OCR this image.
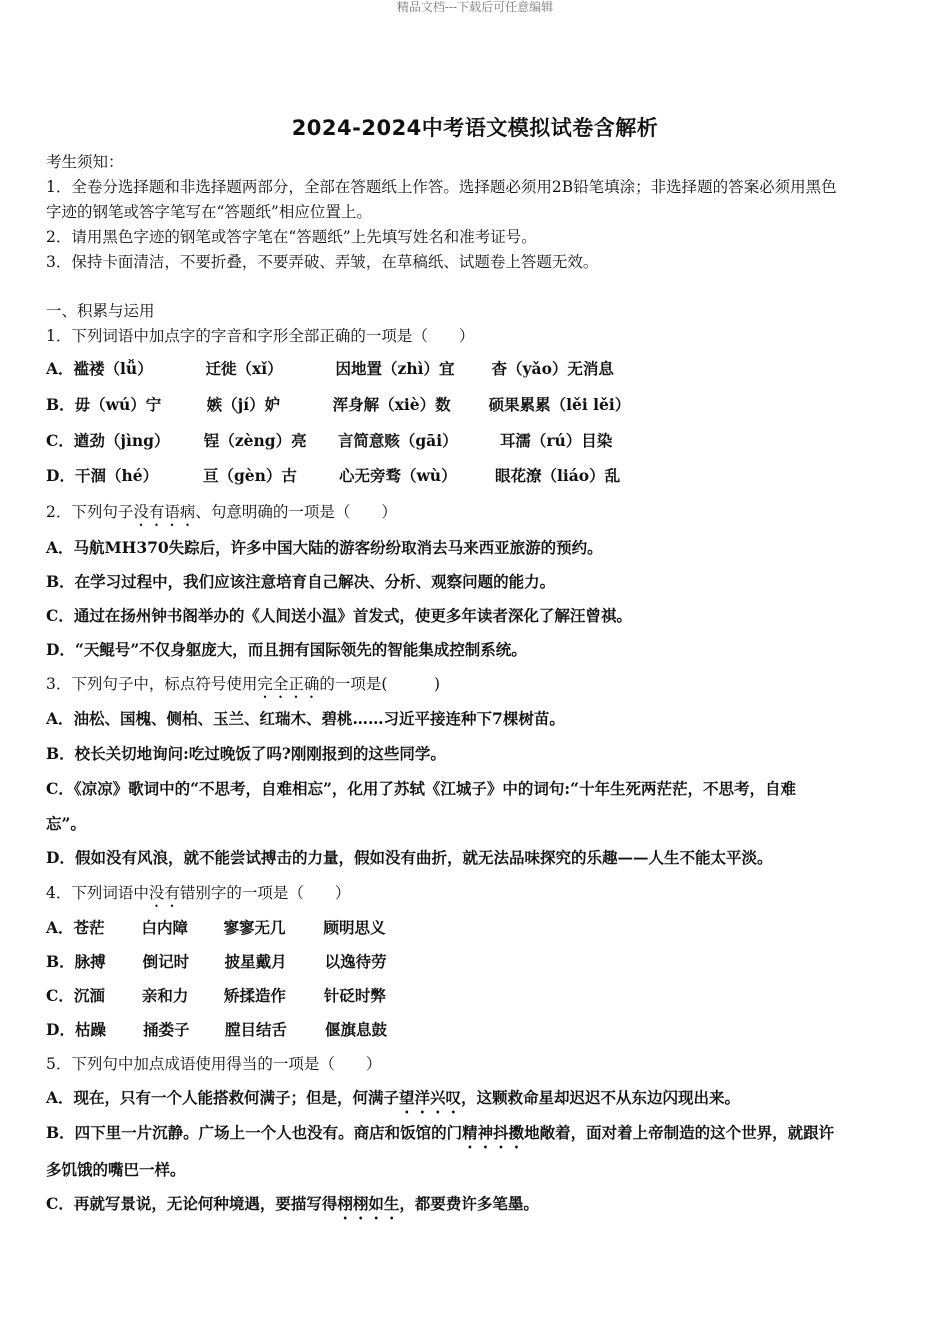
精品文档---下载后可任意编辑
2024-2024中考语文模拟试卷含解析
考生须知：
1．全卷分选择题和非选择题两部分，全部在答题纸上作答。选择题必须用2B铅笔填涂；非选择题的答案必须用黑色
字迹的钢笔或答字笔写在“答题纸”相应位置上。
2．请用黑色字迹的钢笔或答字笔在“答题纸”上先填写姓名和准考证号。
3．保持卡面清洁，不要折叠，不要弄破、弄皱，在草稿纸、试题卷上答题无效。
一、积累与运用
1．下列词语中加点字的字音和字形全部正确的一项是（　　）
A．褴褛（lǚ）	迁徙（xǐ）	因地置（zhì）宜 杳（yǎo）无消息
B．毋（wú）宁	嫉（jí）妒	浑身解（xiè）数 硕果累累（lěi lěi）
C．遒劲（jìng） 锃（zèng）亮 言简意赅（gāi）	耳濡（rú）目染
D．干涸（hé）	亘（gèn）古	心无旁骛（wù） 眼花潦（liáo）乱
2．下列句子没有语病、句意明确的一项是（　　）
A．马航MH370失踪后，许多中国大陆的游客纷纷取消去马来西亚旅游的预约。
B．在学习过程中，我们应该注意培育自己解决、分析、观察问题的能力。
C．通过在扬州钟书阁举办的《人间送小温》首发式，使更多年读者深化了解汪曾祺。
D．“天鲲号”不仅身躯庞大，而且拥有国际领先的智能集成控制系统。
3．下列句子中，标点符号使用完全正确的一项是(　　　)
A．油松、国槐、侧柏、玉兰、红瑞木、碧桃……习近平接连种下7棵树苗。
B．校长关切地询问:吃过晚饭了吗?刚刚报到的这些同学。
C．《凉凉》歌词中的“不思考，自难相忘”，化用了苏轼《江城子》中的词句:“十年生死两茫茫，不思考，自难
忘”。
D．假如没有风浪，就不能尝试搏击的力量，假如没有曲折，就无法品味探究的乐趣——人生不能太平淡。
4．下列词语中没有错别字的一项是（　　）
A．苍茫 白内障 寥寥无几 顾明思义
B．脉搏 倒记时 披星戴月 以逸待劳
C．沉湎 亲和力 矫揉造作 针砭时弊
D．枯躁 捅娄子 膛目结舌 偃旗息鼓
5．下列句中加点成语使用得当的一项是（　　）
A．现在，只有一个人能搭救何满子；但是，何满子望洋兴叹，这颗救命星却迟迟不从东边闪现出来。
B．四下里一片沉静。广场上一个人也没有。商店和饭馆的门精神抖擞地敞着，面对着上帝制造的这个世界，就跟许
多饥饿的嘴巴一样。
C．再就写景说，无论何种境遇，要描写得栩栩如生，都要费许多笔墨。
